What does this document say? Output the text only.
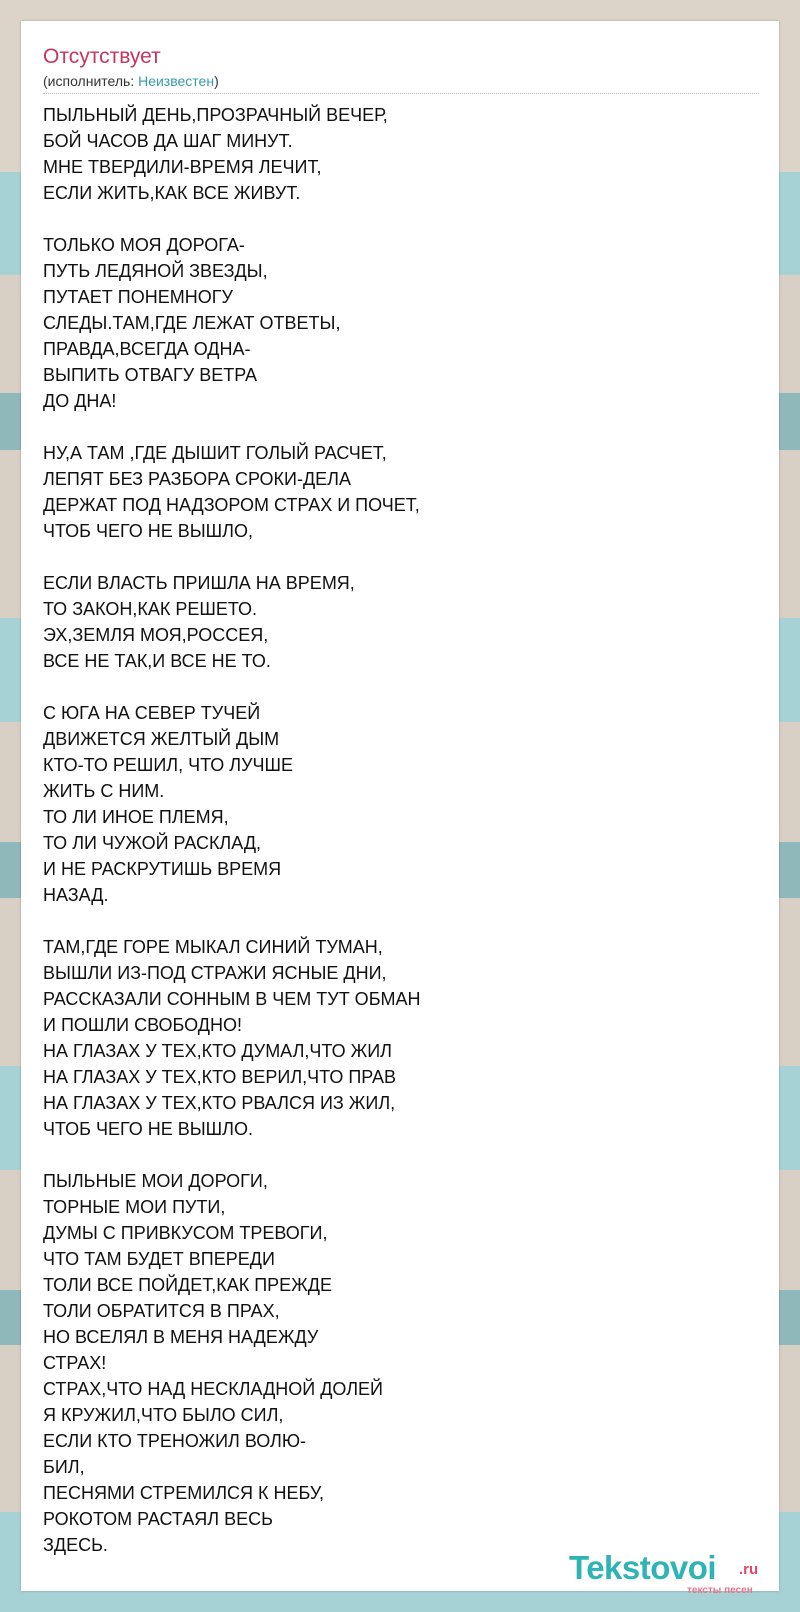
Отсутствует
(исполнитель: Неизвестен)
ПЫЛЬНЫЙ ДЕНЬ,ПРОЗРАЧНЫЙ ВЕЧЕР,
БОЙ ЧАСОВ ДА ШАГ МИНУТ.
МНЕ ТВЕРДИЛИ-ВРЕМЯ ЛЕЧИТ,
ЕСЛИ ЖИТЬ,КАК ВСЕ ЖИВУТ.

ТОЛЬКО МОЯ ДОРОГА-
ПУТЬ ЛЕДЯНОЙ ЗВЕЗДЫ,
ПУТАЕТ ПОНЕМНОГУ
СЛЕДЫ.ТАМ,ГДЕ ЛЕЖАТ ОТВЕТЫ,
ПРАВДА,ВСЕГДА ОДНА-
ВЫПИТЬ ОТВАГУ ВЕТРА
ДО ДНА!

НУ,А ТАМ ,ГДЕ ДЫШИТ ГОЛЫЙ РАСЧЕТ,
ЛЕПЯТ БЕЗ РАЗБОРА СРОКИ-ДЕЛА
ДЕРЖАТ ПОД НАДЗОРОМ СТРАХ И ПОЧЕТ,
ЧТОБ ЧЕГО НЕ ВЫШЛО,

ЕСЛИ ВЛАСТЬ ПРИШЛА НА ВРЕМЯ,
ТО ЗАКОН,КАК РЕШЕТО.
ЭХ,ЗЕМЛЯ МОЯ,РОССЕЯ,
ВСЕ НЕ ТАК,И ВСЕ НЕ ТО.

С ЮГА НА СЕВЕР ТУЧЕЙ
ДВИЖЕТСЯ ЖЕЛТЫЙ ДЫМ
КТО-ТО РЕШИЛ, ЧТО ЛУЧШЕ
ЖИТЬ С НИМ.
ТО ЛИ ИНОЕ ПЛЕМЯ,
ТО ЛИ ЧУЖОЙ РАСКЛАД,
И НЕ РАСКРУТИШЬ ВРЕМЯ
НАЗАД.

ТАМ,ГДЕ ГОРЕ МЫКАЛ СИНИЙ ТУМАН,
ВЫШЛИ ИЗ-ПОД СТРАЖИ ЯСНЫЕ ДНИ,
РАССКАЗАЛИ СОННЫМ В ЧЕМ ТУТ ОБМАН
И ПОШЛИ СВОБОДНО!
НА ГЛАЗАХ У ТЕХ,КТО ДУМАЛ,ЧТО ЖИЛ
НА ГЛАЗАХ У ТЕХ,КТО ВЕРИЛ,ЧТО ПРАВ
НА ГЛАЗАХ У ТЕХ,КТО РВАЛСЯ ИЗ ЖИЛ,
ЧТОБ ЧЕГО НЕ ВЫШЛО.

ПЫЛЬНЫЕ МОИ ДОРОГИ,
ТОРНЫЕ МОИ ПУТИ,
ДУМЫ С ПРИВКУСОМ ТРЕВОГИ,
ЧТО ТАМ БУДЕТ ВПЕРЕДИ
ТОЛИ ВСЕ ПОЙДЕТ,КАК ПРЕЖДЕ
ТОЛИ ОБРАТИТСЯ В ПРАХ,
НО ВСЕЛЯЛ В МЕНЯ НАДЕЖДУ
СТРАХ!
СТРАХ,ЧТО НАД НЕСКЛАДНОЙ ДОЛЕЙ
Я КРУЖИЛ,ЧТО БЫЛО СИЛ,
ЕСЛИ КТО ТРЕНОЖИЛ ВОЛЮ-
БИЛ,
ПЕСНЯМИ СТРЕМИЛСЯ К НЕБУ,
РОКОТОМ РАСТАЯЛ ВЕСЬ
ЗДЕСЬ.
Tekstovoi .ru
тексты песен
